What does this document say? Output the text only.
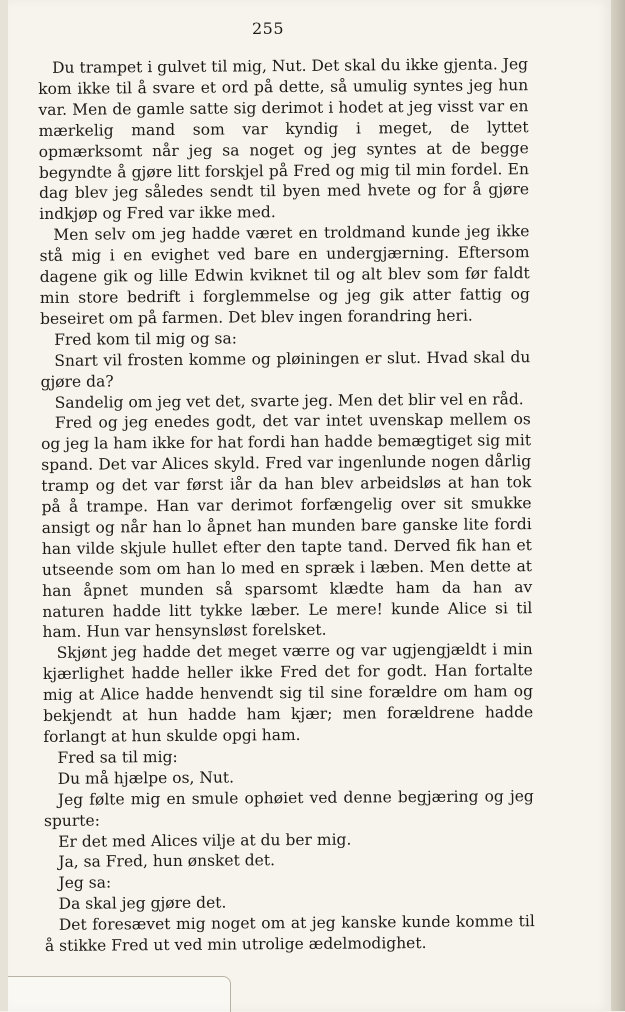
255

Du trampet i gulvet til mig, Nut. Det skal du ikke gjenta. Jeg kom ikke til å svare et ord på dette, så umulig syntes jeg hun var. Men de gamle satte sig derimot i hodet at jeg visst var en mærkelig mand som var kyndig i meget, de lyttet opmærksomt når jeg sa noget og jeg syntes at de begge begyndte å gjøre litt forskjel på Fred og mig til min fordel. En dag blev jeg således sendt til byen med hvete og for å gjøre indkjøp og Fred var ikke med.

Men selv om jeg hadde været en troldmand kunde jeg ikke stå mig i en evighet ved bare en undergjærning. Eftersom dagene gik og lille Edwin kviknet til og alt blev som før faldt min store bedrift i forglemmelse og jeg gik atter fattig og beseiret om på farmen. Det blev ingen forandring heri.

Fred kom til mig og sa:

Snart vil frosten komme og pløiningen er slut. Hvad skal du gjøre da?

Sandelig om jeg vet det, svarte jeg. Men det blir vel en råd.

Fred og jeg enedes godt, det var intet uvenskap mellem os og jeg la ham ikke for hat fordi han hadde bemægtiget sig mit spand. Det var Alices skyld. Fred var ingenlunde nogen dårlig tramp og det var først iår da han blev arbeidsløs at han tok på å trampe. Han var derimot forfængelig over sit smukke ansigt og når han lo åpnet han munden bare ganske lite fordi han vilde skjule hullet efter den tapte tand. Derved fik han et utseende som om han lo med en spræk i læben. Men dette at han åpnet munden så sparsomt klædte ham da han av naturen hadde litt tykke læber. Le mere! kunde Alice si til ham. Hun var hensynsløst forelsket.

Skjønt jeg hadde det meget værre og var ugjengjældt i min kjærlighet hadde heller ikke Fred det for godt. Han fortalte mig at Alice hadde henvendt sig til sine forældre om ham og bekjendt at hun hadde ham kjær; men forældrene hadde forlangt at hun skulde opgi ham.

Fred sa til mig:

Du må hjælpe os, Nut.

Jeg følte mig en smule ophøiet ved denne begjæring og jeg spurte:

Er det med Alices vilje at du ber mig.

Ja, sa Fred, hun ønsket det.

Jeg sa:

Da skal jeg gjøre det.

Det foresævet mig noget om at jeg kanske kunde komme til å stikke Fred ut ved min utrolige ædelmodighet.
